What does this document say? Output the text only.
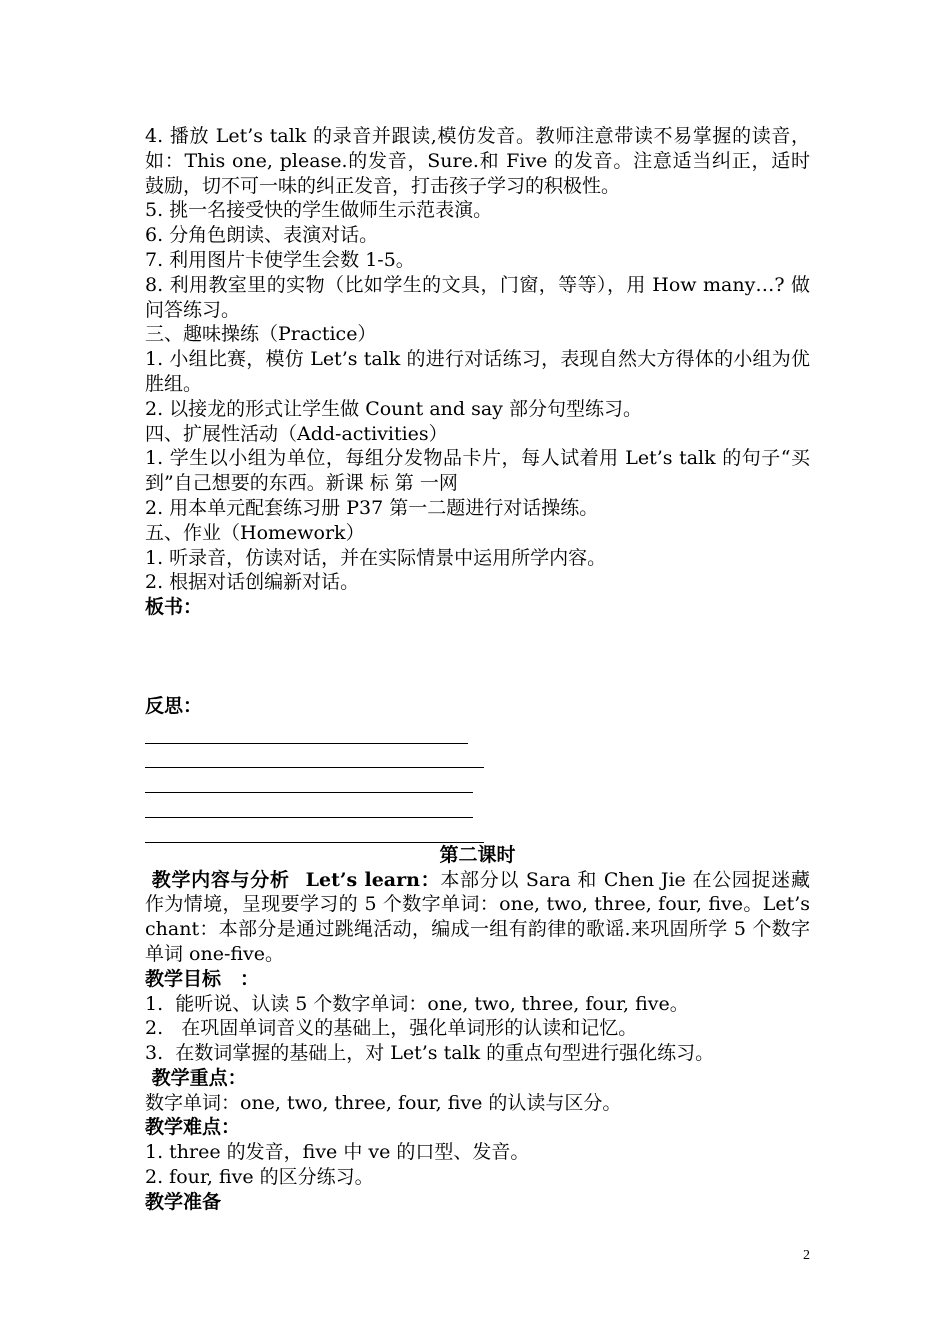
4. 播放 Let’s talk 的录音并跟读,模仿发音。教师注意带读不易掌握的读音，如：This one, please.的发音，Sure.和 Five 的发音。注意适当纠正，适时鼓励，切不可一味的纠正发音，打击孩子学习的积极性。

5. 挑一名接受快的学生做师生示范表演。

6. 分角色朗读、表演对话。

7. 利用图片卡使学生会数 1-5。

8. 利用教室里的实物（比如学生的文具，门窗，等等），用 How many…? 做问答练习。

三、趣味操练（Practice）

1. 小组比赛，模仿 Let’s talk 的进行对话练习，表现自然大方得体的小组为优胜组。

2. 以接龙的形式让学生做 Count and say 部分句型练习。

四、扩展性活动（Add-activities）

1. 学生以小组为单位，每组分发物品卡片，每人试着用 Let’s talk 的句子“买到”自己想要的东西。新课 标 第 一网

2. 用本单元配套练习册 P37 第一二题进行对话操练。

五、作业（Homework）

1. 听录音，仿读对话，并在实际情景中运用所学内容。

2. 根据对话创编新对话。

板书：

反思：

第二课时

教学内容与分析 Let’s learn：本部分以 Sara 和 Chen Jie 在公园捉迷藏作为情境，呈现要学习的 5 个数字单词：one, two, three, four, five。Let’s chant：本部分是通过跳绳活动，编成一组有韵律的歌谣.来巩固所学 5 个数字单词 one-five。

教学目标　：

1.  能听说、认读 5 个数字单词：one, two, three, four, five。

2.   在巩固单词音义的基础上，强化单词形的认读和记忆。

3.  在数词掌握的基础上，对 Let’s talk 的重点句型进行强化练习。

教学重点：

数字单词：one, two, three, four, five 的认读与区分。

教学难点：

1. three 的发音，five 中 ve 的口型、发音。

2. four, five 的区分练习。

教学准备

2
